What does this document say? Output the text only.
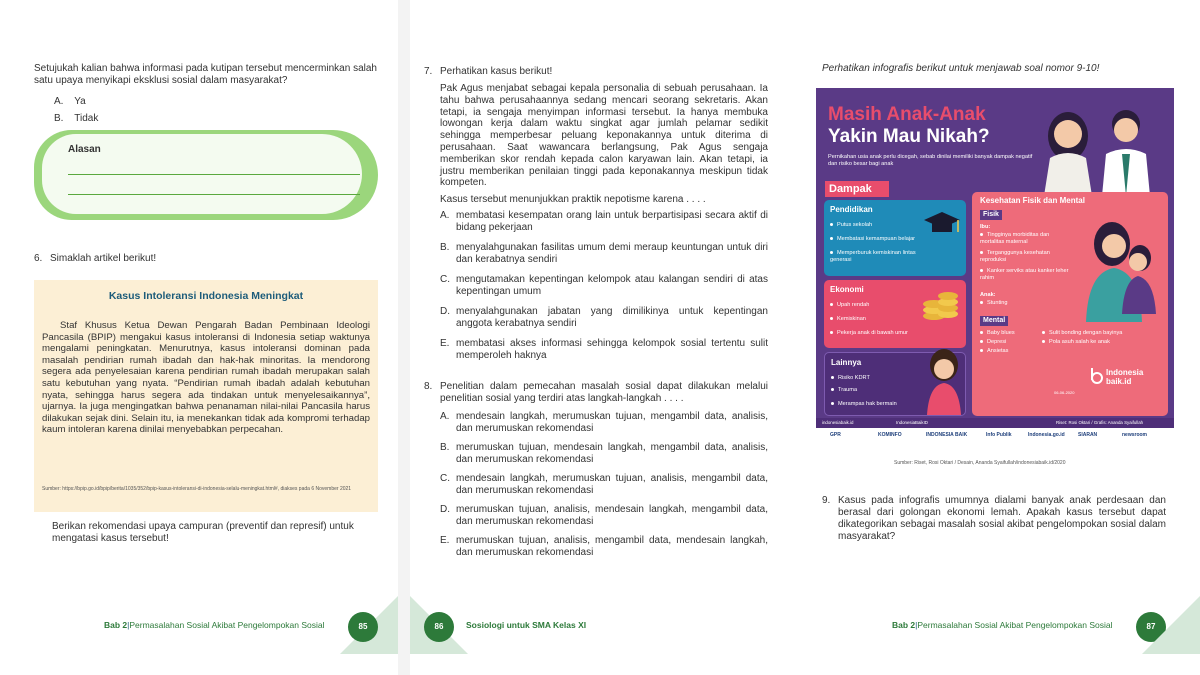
Setujukah kalian bahwa informasi pada kutipan tersebut mencerminkan salah satu upaya menyikapi eksklusi sosial dalam masyarakat?
A. Ya
B. Tidak
Alasan
6. Simaklah artikel berikut!
Kasus Intoleransi Indonesia Meningkat
Staf Khusus Ketua Dewan Pengarah Badan Pembinaan Ideologi Pancasila (BPIP) mengakui kasus intoleransi di Indonesia setiap waktunya mengalami peningkatan. Menurutnya, kasus intoleransi dominan pada masalah pendirian rumah ibadah dan hak-hak minoritas. Ia mendorong segera ada penyelesaian karena pendirian rumah ibadah merupakan salah satu kebutuhan yang nyata. “Pendirian rumah ibadah adalah kebutuhan nyata, sehingga harus segera ada tindakan untuk menyelesaikannya”, ujarnya. Ia juga mengingatkan bahwa penanaman nilai-nilai Pancasila harus dilakukan sejak dini. Selain itu, ia menekankan tidak ada kompromi terhadap kaum intoleran karena dinilai menyebabkan perpecahan.
Sumber: https://bpip.go.id/bpip/berita/1035/352/bpip-kasus-intoleransi-di-indonesia-selalu-meningkat.html#, diakses pada 6 November 2021
Berikan rekomendasi upaya campuran (preventif dan represif) untuk mengatasi kasus tersebut!
Bab 2|Permasalahan Sosial Akibat Pengelompokan Sosial	85
7. Perhatikan kasus berikut!
Pak Agus menjabat sebagai kepala personalia di sebuah perusahaan. Ia tahu bahwa perusahaannya sedang mencari seorang sekretaris. Akan tetapi, ia sengaja menyimpan informasi tersebut. Ia hanya membuka lowongan kerja dalam waktu singkat agar jumlah pelamar sedikit sehingga memperbesar peluang keponakannya untuk diterima di perusahaan. Saat wawancara berlangsung, Pak Agus sengaja memberikan skor rendah kepada calon karyawan lain. Akan tetapi, ia justru memberikan penilaian tinggi pada keponakannya meskipun tidak kompeten.
Kasus tersebut menunjukkan praktik nepotisme karena . . . .
A. membatasi kesempatan orang lain untuk berpartisipasi secara aktif di bidang pekerjaan
B. menyalahgunakan fasilitas umum demi meraup keuntungan untuk diri dan kerabatnya sendiri
C. mengutamakan kepentingan kelompok atau kalangan sendiri di atas kepentingan umum
D. menyalahgunakan jabatan yang dimilikinya untuk kepentingan anggota kerabatnya sendiri
E. membatasi akses informasi sehingga kelompok sosial tertentu sulit memperoleh haknya
8. Penelitian dalam pemecahan masalah sosial dapat dilakukan melalui penelitian sosial yang terdiri atas langkah-langkah . . . .
A. mendesain langkah, merumuskan tujuan, mengambil data, analisis, dan merumuskan rekomendasi
B. merumuskan tujuan, mendesain langkah, mengambil data, analisis, dan merumuskan rekomendasi
C. mendesain langkah, merumuskan tujuan, analisis, mengambil data, dan merumuskan rekomendasi
D. merumuskan tujuan, analisis, mendesain langkah, mengambil data, dan merumuskan rekomendasi
E. merumuskan tujuan, analisis, mengambil data, mendesain langkah, dan merumuskan rekomendasi
86	Sosiologi untuk SMA Kelas XI
Perhatikan infografis berikut untuk menjawab soal nomor 9-10!
Masih Anak-Anak
Yakin Mau Nikah?
Pernikahan usia anak perlu dicegah, sebab dinilai memiliki banyak dampak negatif dan risiko besar bagi anak
Dampak
Pendidikan
Putus sekolah
Membatasi kemampuan belajar
Memperburuk kemiskinan lintas generasi
Ekonomi
Upah rendah
Kemiskinan
Pekerja anak di bawah umur
Lainnya
Risiko KDRT
Trauma
Merampas hak bermain
Kesehatan Fisik dan Mental
Fisik
Ibu:
Tingginya morbiditas dan mortalitas maternal
Terganggunya kesehatan reproduksi
Kanker serviks atau kanker leher rahim
Anak:
Stunting
Mental
Baby blues
Depresi
Ansietas
Sulit bonding dengan bayinya
Pola asuh salah ke anak
Indonesia baik.id
06-06-2020
indonesiabaik.id	IndonesiaBaikID	Riset: Rosi Oktari / Grafis: Ananda Syaifullah
GPR	KOMINFO	INDONESIA BAIK	Info Publik	Indonesia.go.id	SIARAN	newsroom
Sumber: Riset, Rosi Oktari / Desain, Ananda Syaifullah/indonesiabaik.id/2020
9. Kasus pada infografis umumnya dialami banyak anak perdesaan dan berasal dari golongan ekonomi lemah. Apakah kasus tersebut dapat dikategorikan sebagai masalah sosial akibat pengelompokan sosial dalam masyarakat?
Bab 2|Permasalahan Sosial Akibat Pengelompokan Sosial	87
